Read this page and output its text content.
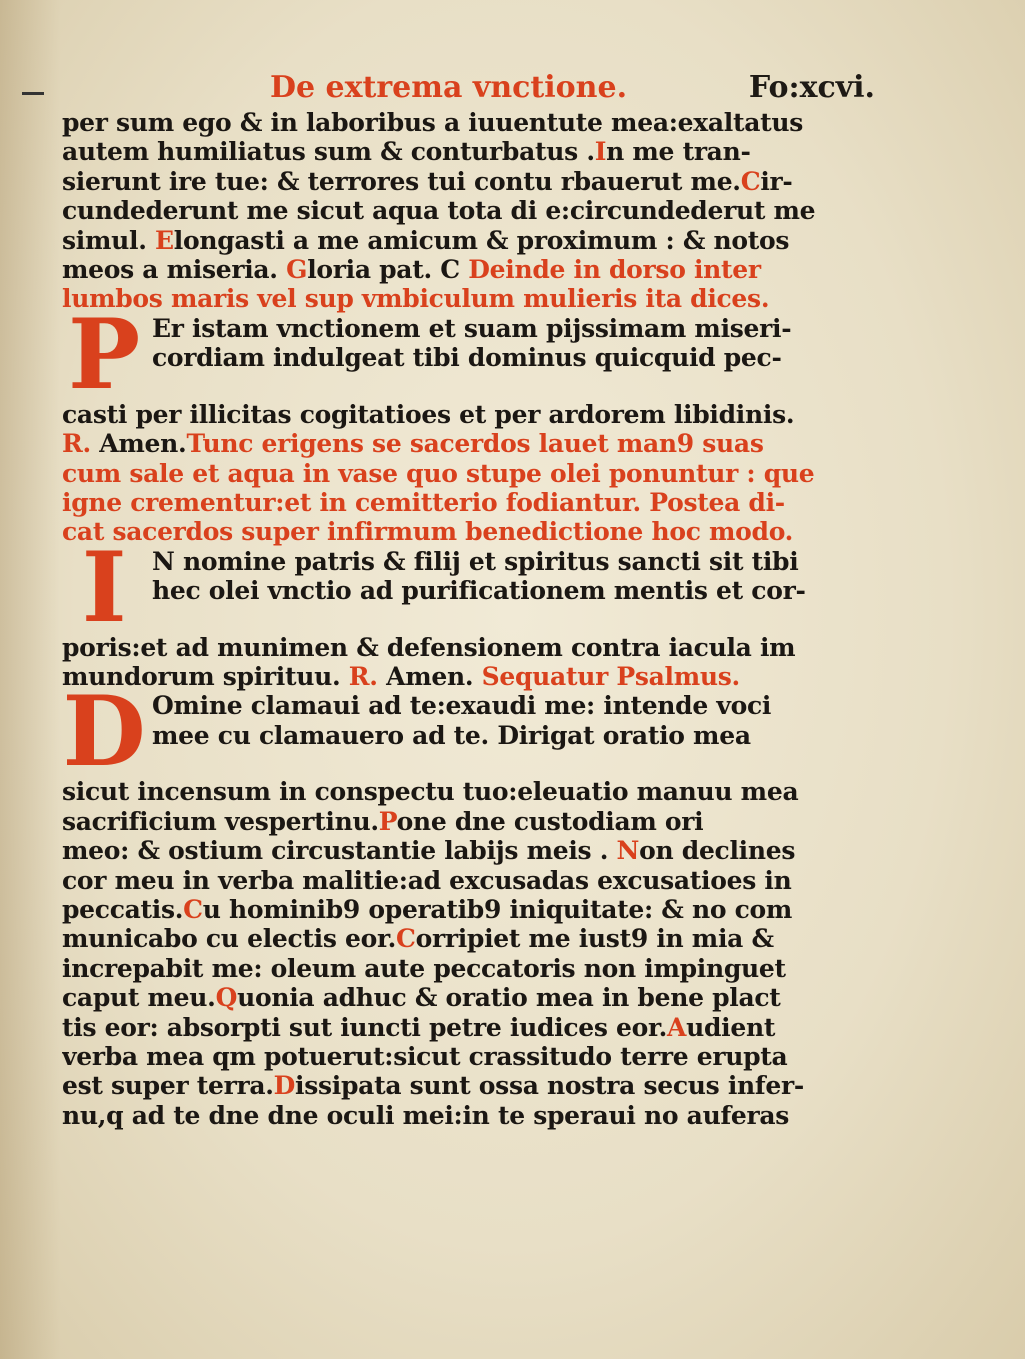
De extrema vnctione.	Fo:xcvi.
per sum ego & in laboribus a iuuentute mea:exaltatus
autem humiliatus sum & conturbatus .In me tran-
sierunt ire tue: & terrores tui contu rbauerut me.Cir-
cundederunt me sicut aqua tota di e:circundederut me
simul. Elongasti a me amicum & proximum : & notos
meos a miseria. Gloria pat. C Deinde in dorso inter
lumbos maris vel sup vmbiculum mulieris ita dices.
P Er istam vnctionem et suam pijssimam miseri-
cordiam indulgeat tibi dominus quicquid pec-
casti per illicitas cogitatioes et per ardorem libidinis.
R. Amen.Tunc erigens se sacerdos lauet man9 suas
cum sale et aqua in vase quo stupe olei ponuntur : que
igne crementur:et in cemitterio fodiantur. Postea di-
cat sacerdos super infirmum benedictione hoc modo.
I	N nomine patris & filij et spiritus sancti sit tibi
hec olei vnctio ad purificationem mentis et cor-
poris:et ad munimen & defensionem contra iacula im
mundorum spirituu. R. Amen. Sequatur Psalmus.
D Omine clamaui ad te:exaudi me: intende voci
mee cu clamauero ad te. Dirigat oratio mea
sicut incensum in conspectu tuo:eleuatio manuu mea
sacrificium vespertinu.Pone dne custodiam ori
meo: & ostium circustantie labijs meis . Non declines
cor meu in verba malitie:ad excusadas excusatioes in
peccatis.Cu hominib9 operatib9 iniquitate: & no com
municabo cu electis eor.Corripiet me iust9 in mia &
increpabit me: oleum aute peccatoris non impinguet
caput meu.Quonia adhuc & oratio mea in bene plact
tis eor: absorpti sut iuncti petre iudices eor.Audient
verba mea qm potuerut:sicut crassitudo terre erupta
est super terra.Dissipata sunt ossa nostra secus infer-
nu,q ad te dne dne oculi mei:in te speraui no auferas
